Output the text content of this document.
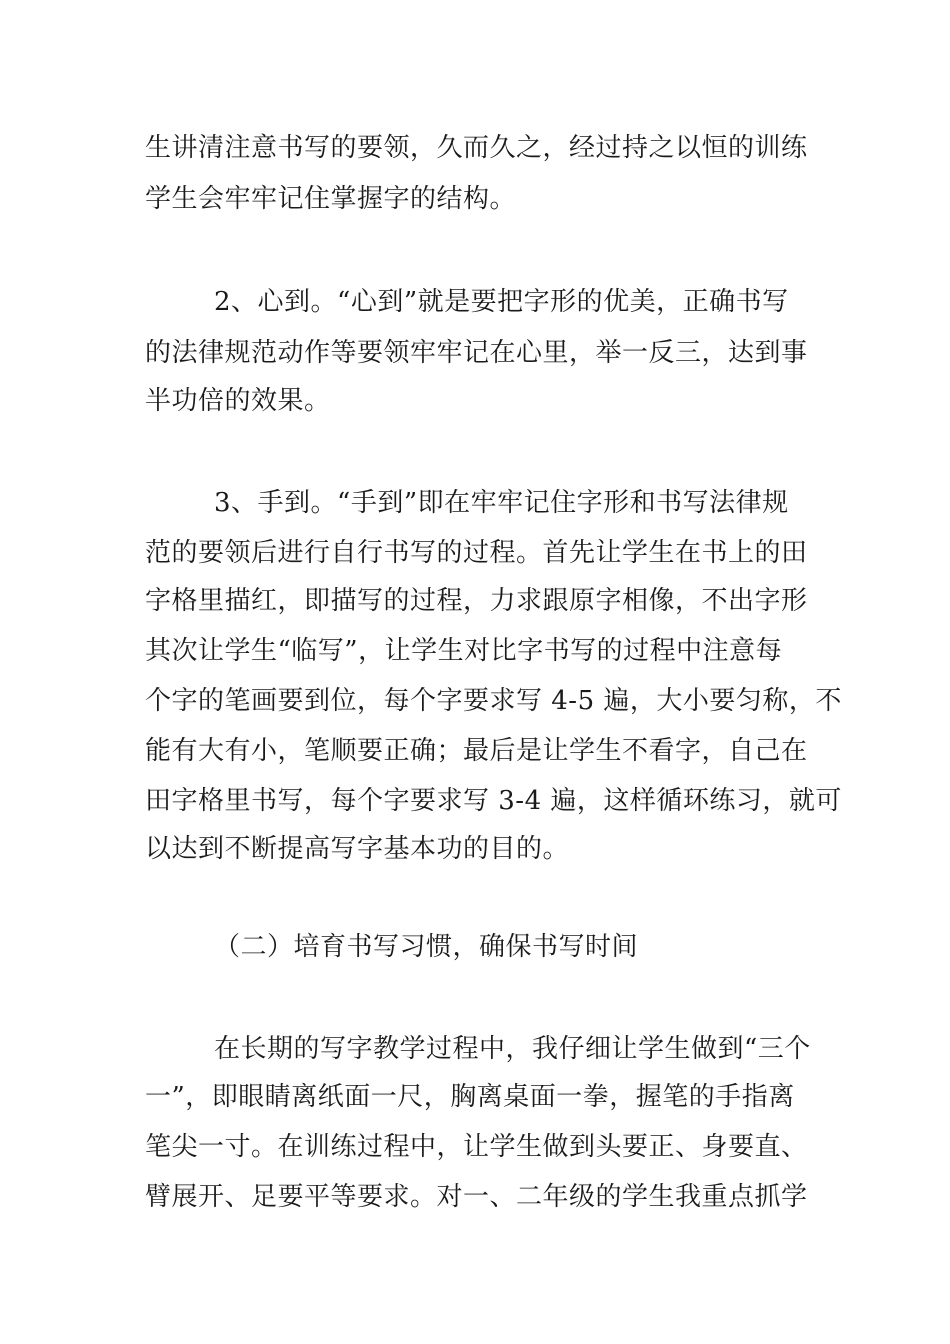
生讲清注意书写的要领，久而久之，经过持之以恒的训练
学生会牢牢记住掌握字的结构。
2、心到。“心到”就是要把字形的优美，正确书写
的法律规范动作等要领牢牢记在心里，举一反三，达到事
半功倍的效果。
3、手到。“手到”即在牢牢记住字形和书写法律规
范的要领后进行自行书写的过程。首先让学生在书上的田
字格里描红，即描写的过程，力求跟原字相像，不出字形
其次让学生“临写”，让学生对比字书写的过程中注意每
个字的笔画要到位，每个字要求写 4-5 遍，大小要匀称，不
能有大有小，笔顺要正确；最后是让学生不看字，自己在
田字格里书写，每个字要求写 3-4 遍，这样循环练习，就可
以达到不断提高写字基本功的目的。
（二）培育书写习惯，确保书写时间
在长期的写字教学过程中，我仔细让学生做到“三个
一”，即眼睛离纸面一尺，胸离桌面一拳，握笔的手指离
笔尖一寸。在训练过程中，让学生做到头要正、身要直、
臂展开、足要平等要求。对一、二年级的学生我重点抓学
